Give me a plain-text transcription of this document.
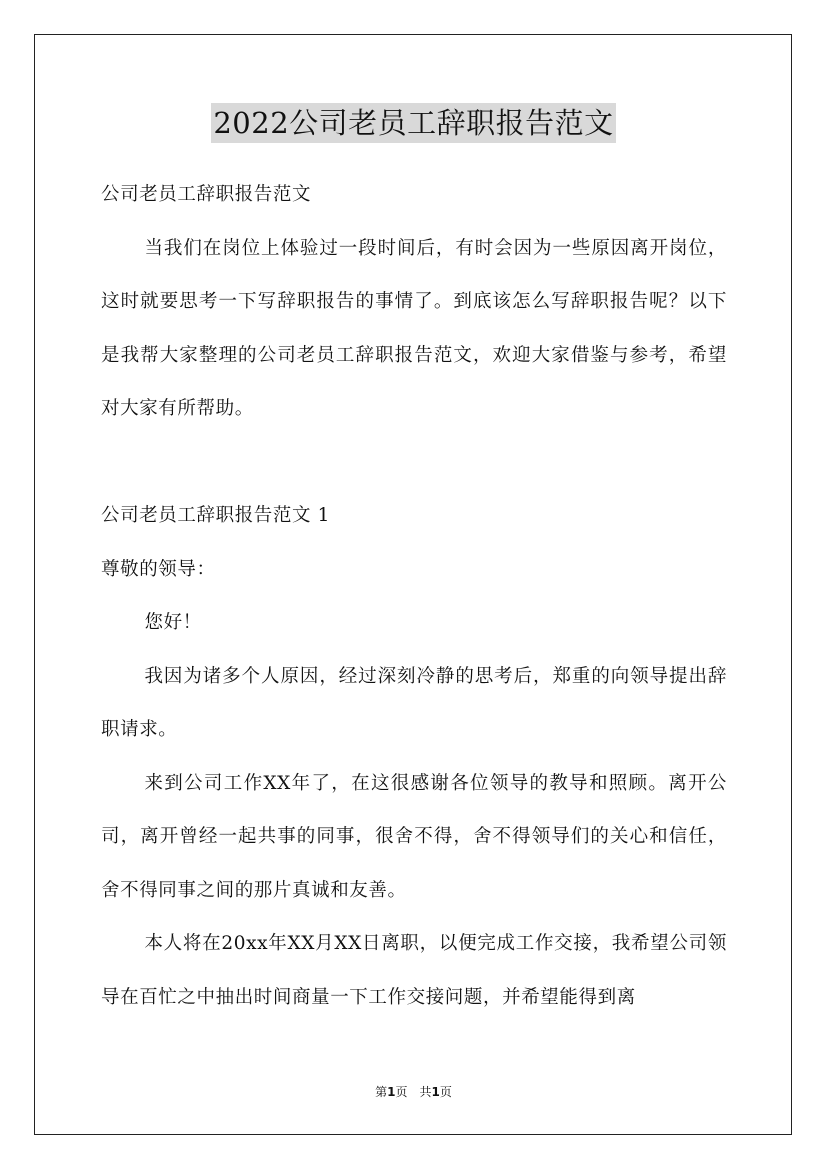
2022公司老员工辞职报告范文

公司老员工辞职报告范文

当我们在岗位上体验过一段时间后，有时会因为一些原因离开岗位，这时就要思考一下写辞职报告的事情了。到底该怎么写辞职报告呢？以下是我帮大家整理的公司老员工辞职报告范文，欢迎大家借鉴与参考，希望对大家有所帮助。

公司老员工辞职报告范文 1

尊敬的领导：

您好！

我因为诸多个人原因，经过深刻冷静的思考后，郑重的向领导提出辞职请求。

来到公司工作XX年了，在这很感谢各位领导的教导和照顾。离开公司，离开曾经一起共事的同事，很舍不得，舍不得领导们的关心和信任，舍不得同事之间的那片真诚和友善。

本人将在20xx年XX月XX日离职，以便完成工作交接，我希望公司领导在百忙之中抽出时间商量一下工作交接问题，并希望能得到离

第1页　共1页
